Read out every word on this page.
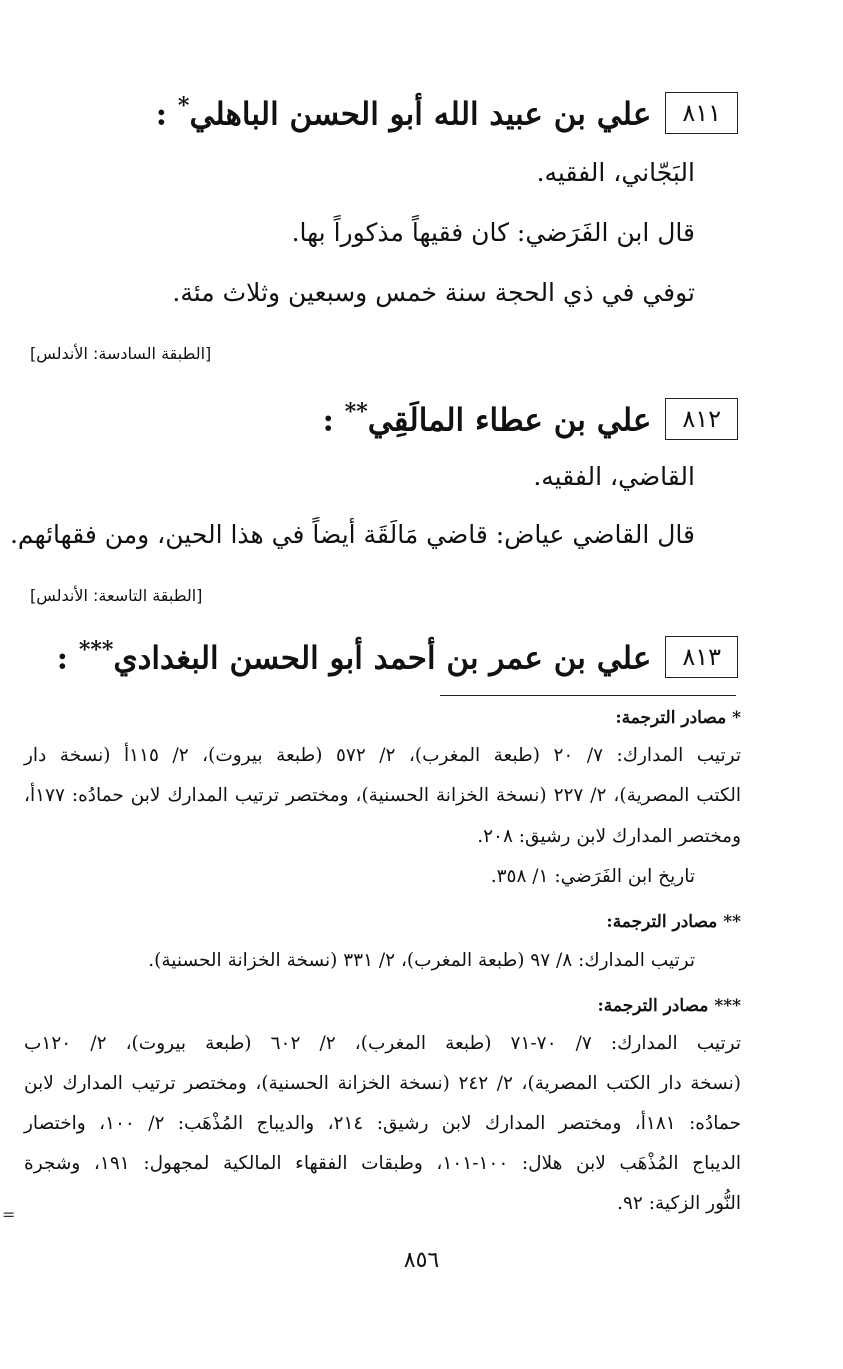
٨١١
علي بن عبيد الله أبو الحسن الباهلي* :
البَجّاني، الفقيه.
قال ابن الفَرَضي: كان فقيهاً مذكوراً بها.
توفي في ذي الحجة سنة خمس وسبعين وثلاث مئة.
[الطبقة السادسة: الأندلس]
٨١٢
علي بن عطاء المالَقِي** :
القاضي، الفقيه.
قال القاضي عياض: قاضي مَالَقَة أيضاً في هذا الحين، ومن فقهائهم.
[الطبقة التاسعة: الأندلس]
٨١٣
علي بن عمر بن أحمد أبو الحسن البغدادي*** :
* مصادر الترجمة:
ترتيب المدارك: ٧/ ٢٠ (طبعة المغرب)، ٢/ ٥٧٢ (طبعة بيروت)، ٢/ ١١٥أ (نسخة دار
الكتب المصرية)، ٢/ ٢٢٧ (نسخة الخزانة الحسنية)، ومختصر ترتيب المدارك لابن حمادُه: ١٧٧أ،
ومختصر المدارك لابن رشيق: ٢٠٨.
تاريخ ابن الفَرَضي: ١/ ٣٥٨.
** مصادر الترجمة:
ترتيب المدارك: ٨/ ٩٧ (طبعة المغرب)، ٢/ ٣٣١ (نسخة الخزانة الحسنية).
*** مصادر الترجمة:
ترتيب المدارك: ٧/ ٧٠-٧١ (طبعة المغرب)، ٢/ ٦٠٢ (طبعة بيروت)، ٢/ ١٢٠ب
(نسخة دار الكتب المصرية)، ٢/ ٢٤٢ (نسخة الخزانة الحسنية)، ومختصر ترتيب المدارك لابن
حمادُه: ١٨١أ، ومختصر المدارك لابن رشيق: ٢١٤، والديباج المُذْهَب: ٢/ ١٠٠، واختصار
الديباج المُذْهَب لابن هلال: ١٠٠-١٠١، وطبقات الفقهاء المالكية لمجهول: ١٩١، وشجرة
النُّور الزكية: ٩٢.
٨٥٦
=
